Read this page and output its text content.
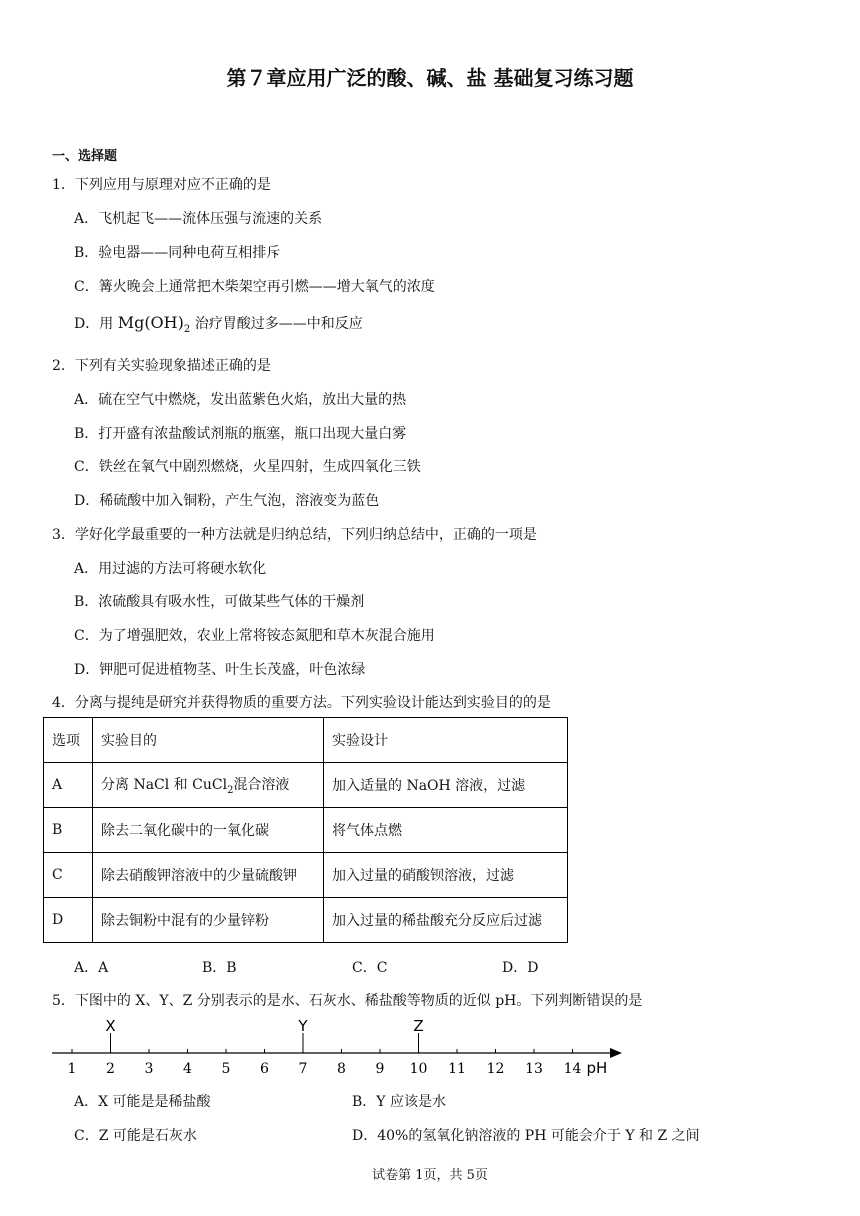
第７章应用广泛的酸、碱、盐 基础复习练习题
一、选择题
1．下列应用与原理对应不正确的是
A．飞机起飞——流体压强与流速的关系
B．验电器——同种电荷互相排斥
C．篝火晚会上通常把木柴架空再引燃——增大氧气的浓度
D．用 $Mg(OH)_2$ 治疗胃酸过多——中和反应
2．下列有关实验现象描述正确的是
A．硫在空气中燃烧，发出蓝紫色火焰，放出大量的热
B．打开盛有浓盐酸试剂瓶的瓶塞，瓶口出现大量白雾
C．铁丝在氧气中剧烈燃烧，火星四射，生成四氧化三铁
D．稀硫酸中加入铜粉，产生气泡，溶液变为蓝色
3．学好化学最重要的一种方法就是归纳总结，下列归纳总结中，正确的一项是
A．用过滤的方法可将硬水软化
B．浓硫酸具有吸水性，可做某些气体的干燥剂
C．为了增强肥效，农业上常将铵态氮肥和草木灰混合施用
D．钾肥可促进植物茎、叶生长茂盛，叶色浓绿
4．分离与提纯是研究并获得物质的重要方法。下列实验设计能达到实验目的的是
选项	实验目的	实验设计
A	分离 NaCl 和 CuCl$_2$混合溶液	加入适量的 NaOH 溶液，过滤
B	除去二氧化碳中的一氧化碳	将气体点燃
C	除去硝酸钾溶液中的少量硫酸钾	加入过量的硝酸钡溶液，过滤
D	除去铜粉中混有的少量锌粉	加入过量的稀盐酸充分反应后过滤
A．A	B．B	C．C	D．D
5．下图中的 X、Y、Z 分别表示的是水、石灰水、稀盐酸等物质的近似 pH。下列判断错误的是
1 2 3 4 5 6 7 8 9 10 11 12 13 14 pH
X	Y	Z
A．X 可能是是稀盐酸	B．Y 应该是水
C．Z 可能是石灰水	D．40%的氢氧化钠溶液的 PH 可能会介于 Y 和 Z 之间
试卷第 1页，共 5页
